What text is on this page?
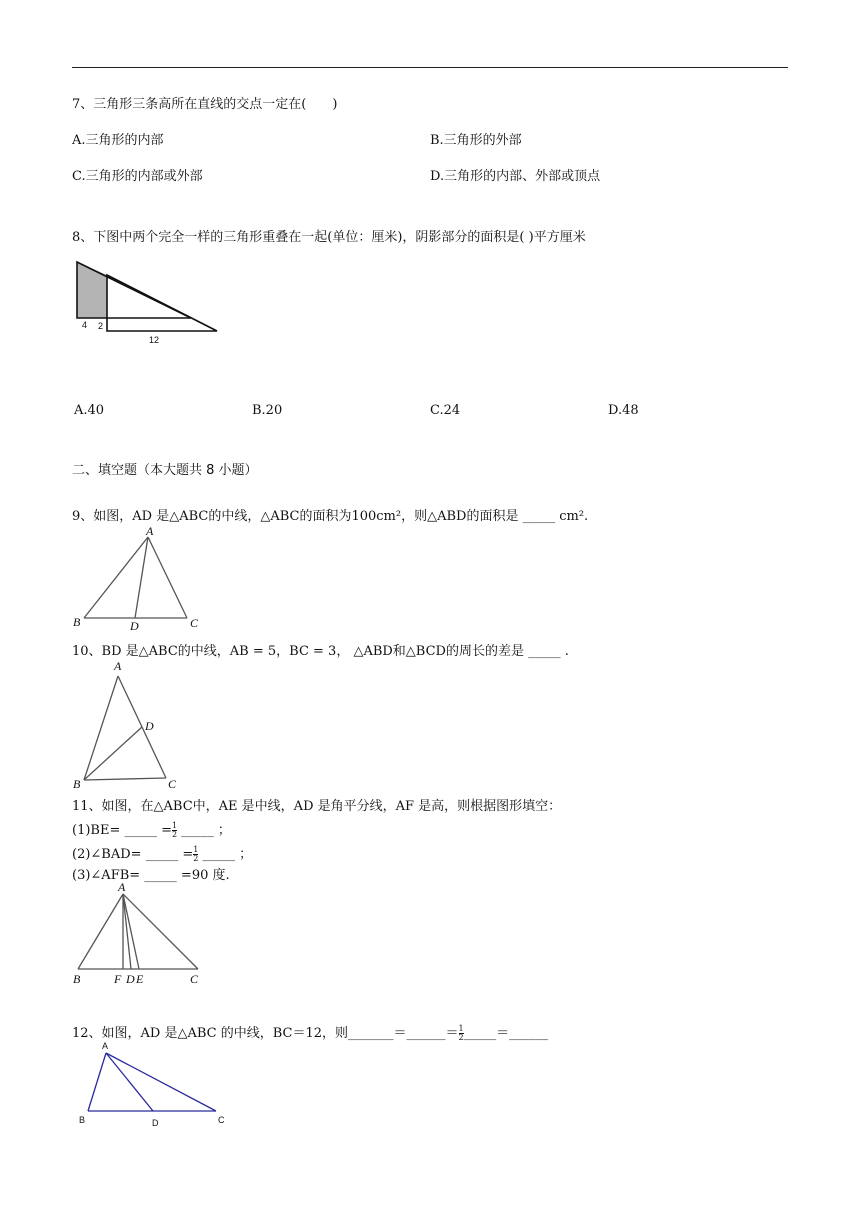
7、三角形三条高所在直线的交点一定在(　　)
A.三角形的内部	B.三角形的外部
C.三角形的内部或外部	D.三角形的内部、外部或顶点
8、下图中两个完全一样的三角形重叠在一起(单位：厘米)，阴影部分的面积是( )平方厘米
4 2
12
A.40	B.20	C.24	D.48
二、填空题（本大题共 8 小题）
9、如图，AD 是△ABC的中线，△ABC的面积为100cm²，则△ABD的面积是 _____ cm².
A
B	D	C
10、BD 是△ABC的中线，AB = 5，BC = 3， △ABD和△BCD的周长的差是 _____ .
A
D
B	C
11、如图，在△ABC中，AE 是中线，AD 是角平分线，AF 是高，则根据图形填空：
(1)BE= _____ = $\frac{1}{2}$ _____ ；
(2)∠BAD= _____ = $\frac{1}{2}$ _____ ；
(3)∠AFB= _____ =90 度.
A
B	F D E	C
12、如图，AD 是△ABC 的中线，BC＝12，则_______＝______＝ $\frac{1}{2}$ _____＝______
A
B	D	C
